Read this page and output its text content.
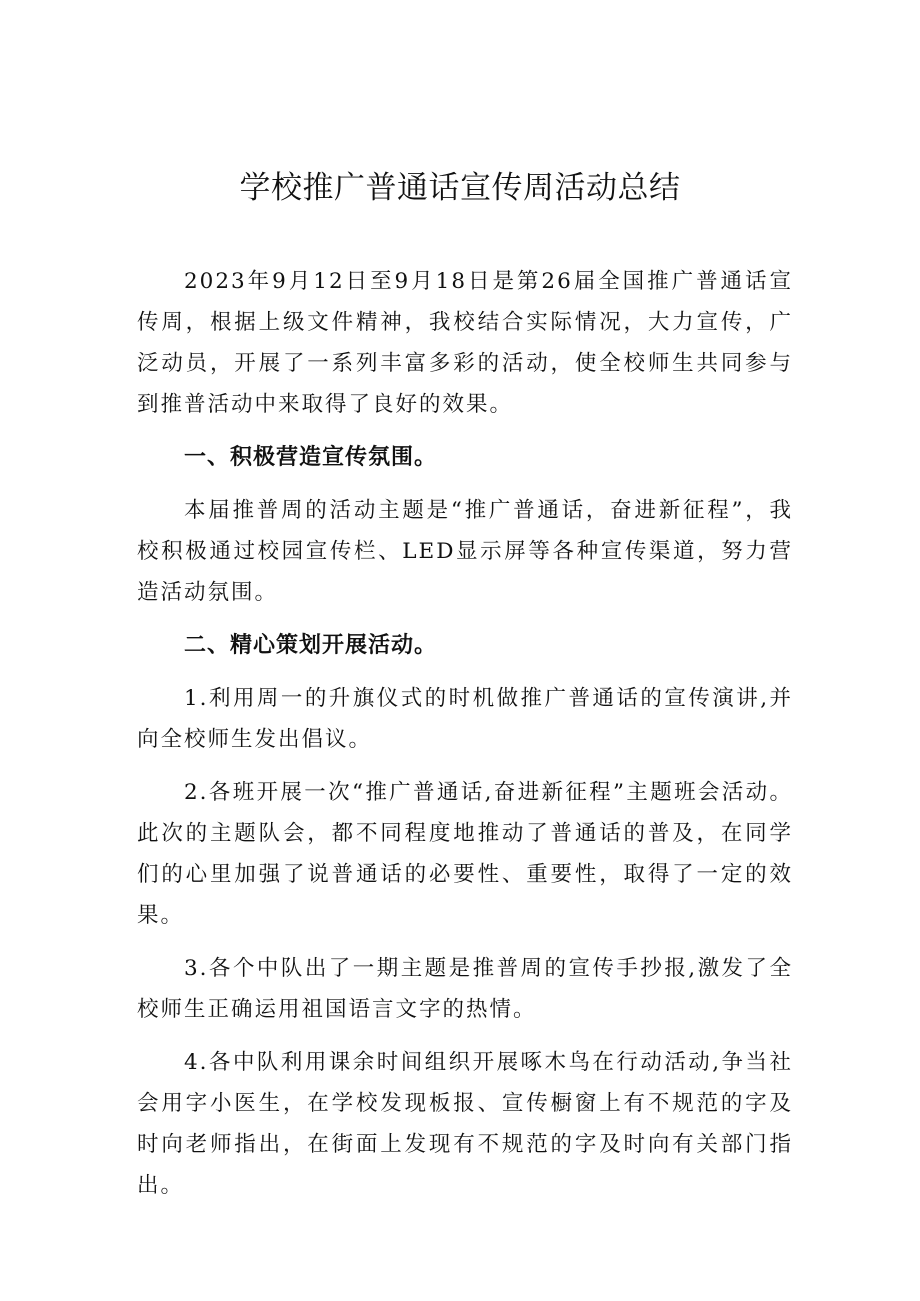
学校推广普通话宣传周活动总结

2023年9月12日至9月18日是第26届全国推广普通话宣传周，根据上级文件精神，我校结合实际情况，大力宣传，广泛动员，开展了一系列丰富多彩的活动，使全校师生共同参与到推普活动中来取得了良好的效果。

一、积极营造宣传氛围。

本届推普周的活动主题是“推广普通话，奋进新征程”，我校积极通过校园宣传栏、LED显示屏等各种宣传渠道，努力营造活动氛围。

二、精心策划开展活动。

1.利用周一的升旗仪式的时机做推广普通话的宣传演讲,并向全校师生发出倡议。

2.各班开展一次“推广普通话,奋进新征程”主题班会活动。此次的主题队会，都不同程度地推动了普通话的普及，在同学们的心里加强了说普通话的必要性、重要性，取得了一定的效果。

3.各个中队出了一期主题是推普周的宣传手抄报,激发了全校师生正确运用祖国语言文字的热情。

4.各中队利用课余时间组织开展啄木鸟在行动活动,争当社会用字小医生，在学校发现板报、宣传橱窗上有不规范的字及时向老师指出，在街面上发现有不规范的字及时向有关部门指出。
